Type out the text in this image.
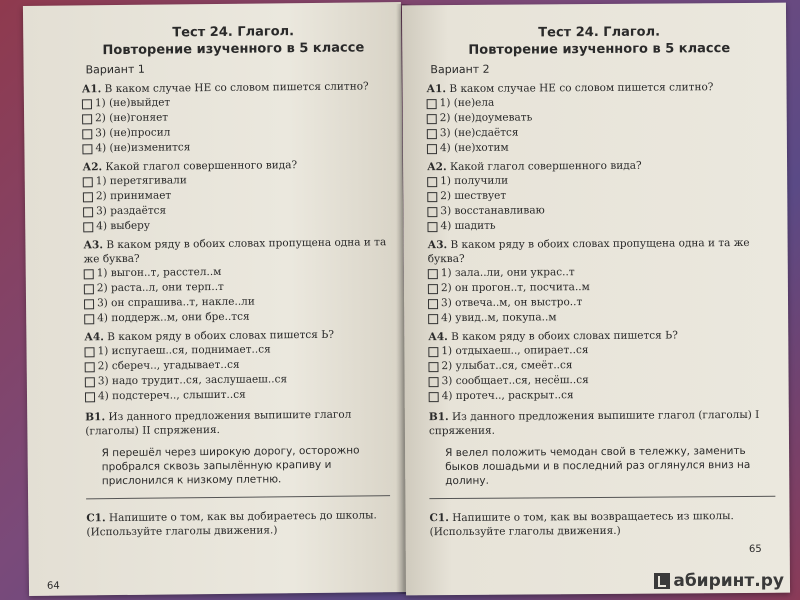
Тест 24. Глагол.
Повторение изученного в 5 классе
Вариант 1
А1. В каком случае НЕ со словом пишется слитно?
1) (не)выйдет
2) (не)гоняет
3) (не)просил
4) (не)изменится
А2. Какой глагол совершенного вида?
1) перетягивали
2) принимает
3) раздаётся
4) выберу
А3. В каком ряду в обоих словах пропущена одна и та же буква?
1) выгон..т, расстел..м
2) раста..л, они терп..т
3) он спрашива..т, накле..ли
4) поддерж..м, они бре..тся
А4. В каком ряду в обоих словах пишется Ь?
1) испугаеш..ся, поднимает..ся
2) сбереч.., угадывает..ся
3) надо трудит..ся, заслушаеш..ся
4) подстереч.., слышит..ся
В1. Из данного предложения выпишите глагол (глаголы) II спряжения.
Я перешёл через широкую дорогу, осторожно пробрался сквозь запылённую крапиву и прислонился к низкому плетню.
С1. Напишите о том, как вы добираетесь до школы. (Используйте глаголы движения.)
64
Тест 24. Глагол.
Повторение изученного в 5 классе
Вариант 2
А1. В каком случае НЕ со словом пишется слитно?
1) (не)ела
2) (не)доумевать
3) (не)сдаётся
4) (не)хотим
А2. Какой глагол совершенного вида?
1) получили
2) шествует
3) восстанавливаю
4) шадить
А3. В каком ряду в обоих словах пропущена одна и та же буква?
1) зала..ли, они украс..т
2) он прогон..т, посчита..м
3) отвеча..м, он выстро..т
4) увид..м, покупа..м
А4. В каком ряду в обоих словах пишется Ь?
1) отдыхаеш.., опирает..ся
2) улыбат..ся, смеёт..ся
3) сообщает..ся, несёш..ся
4) протеч.., раскрыт..ся
В1. Из данного предложения выпишите глагол (глаголы) I спряжения.
Я велел положить чемодан свой в тележку, заменить быков лошадьми и в последний раз оглянулся вниз на долину.
С1. Напишите о том, как вы возвращаетесь из школы. (Используйте глаголы движения.)
65
абиринт.ру
